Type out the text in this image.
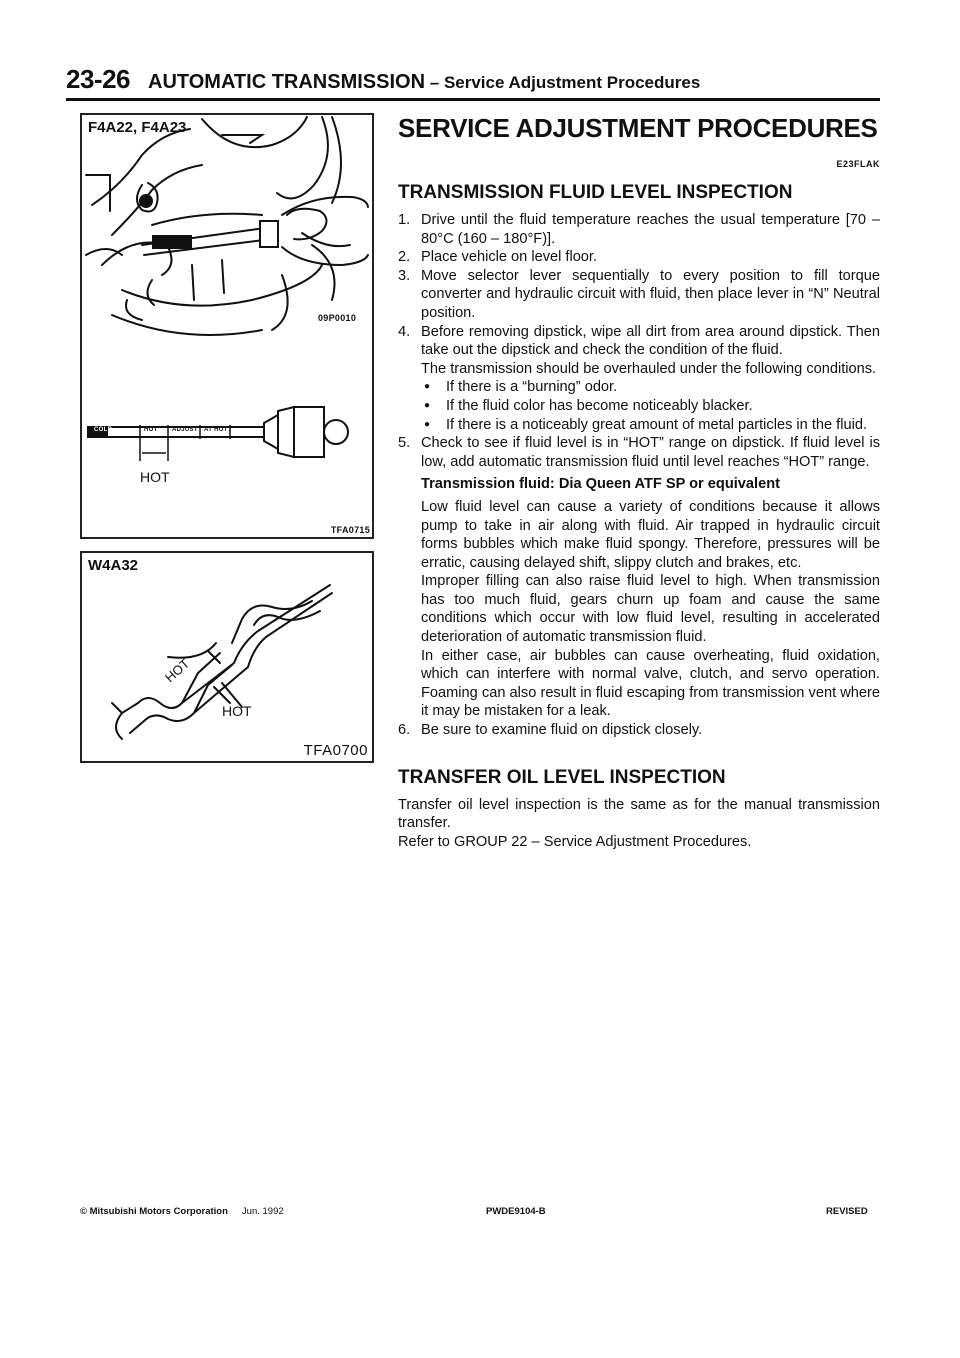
23-26 AUTOMATIC TRANSMISSION – Service Adjustment Procedures
F4A22, F4A23
09P0010
COLD	HOT ADJUST AT HOT
HOT
TFA0715
HOT
W4A32
HOT
TFA0700
SERVICE ADJUSTMENT PROCEDURES
E23FLAK
TRANSMISSION FLUID LEVEL INSPECTION
1. Drive until the fluid temperature reaches the usual temperature [70 – 80°C (160 – 180°F)].
2. Place vehicle on level floor.
3. Move selector lever sequentially to every position to fill torque converter and hydraulic circuit with fluid, then place lever in “N” Neutral position.
4. Before removing dipstick, wipe all dirt from area around dipstick. Then take out the dipstick and check the condition of the fluid.
The transmission should be overhauled under the following conditions.
● If there is a “burning” odor.
● If the fluid color has become noticeably blacker.
● If there is a noticeably great amount of metal particles in the fluid.
5. Check to see if fluid level is in “HOT” range on dipstick. If fluid level is low, add automatic transmission fluid until level reaches “HOT” range.
Transmission fluid: Dia Queen ATF SP or equivalent
Low fluid level can cause a variety of conditions because it allows pump to take in air along with fluid. Air trapped in hydraulic circuit forms bubbles which make fluid spongy. Therefore, pressures will be erratic, causing delayed shift, slippy clutch and brakes, etc.
Improper filling can also raise fluid level to high. When transmission has too much fluid, gears churn up foam and cause the same conditions which occur with low fluid level, resulting in accelerated deterioration of automatic transmission fluid.
In either case, air bubbles can cause overheating, fluid oxidation, which can interfere with normal valve, clutch, and servo operation. Foaming can also result in fluid escaping from transmission vent where it may be mistaken for a leak.
6. Be sure to examine fluid on dipstick closely.
TRANSFER OIL LEVEL INSPECTION
Transfer oil level inspection is the same as for the manual transmission transfer.
Refer to GROUP 22 – Service Adjustment Procedures.
© Mitsubishi Motors Corporation Jun. 1992	PWDE9104-B	REVISED
